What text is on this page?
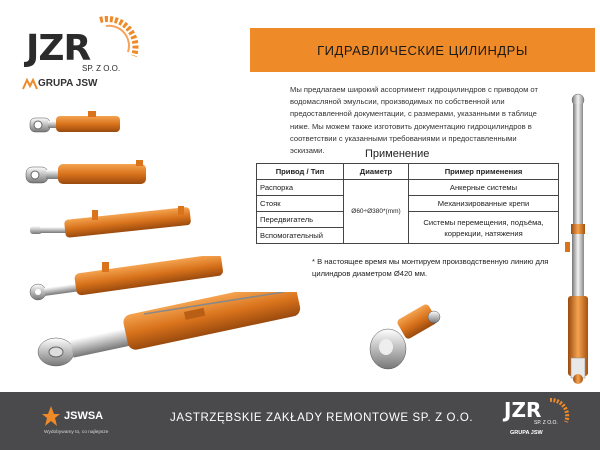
JZR
SP. Z O.O.
GRUPA JSW
ГИДРАВЛИЧЕСКИЕ ЦИЛИНДРЫ
Мы предлагаем широкий ассортимент гидроцилиндров с приводом от водомасляной эмульсии, производимых по собственной или предоставленной документации, с размерами, указанными в таблице ниже. Мы можем также изготовить документацию гидроцилиндров в соответствии с указанными требованиями и предоставленными эскизами.	Применение
Привод / Тип	Диаметр	Пример применения
Распорка	Ø60÷Ø380*(mm)	Анкерные системы
Стояк		Механизированные крепи
Передвигатель		Системы перемещения, подъёма, коррекции, натяжения
Вспомогательный		
* В настоящее время мы монтируем производственную линию для цилиндров диаметром Ø420 мм.
JSWSA
Wydobywamy to, co najlepsze
JASTRZĘBSKIE ZAKŁADY REMONTOWE SP. Z O.O. JZR
SP. Z O.O.
GRUPA JSW
